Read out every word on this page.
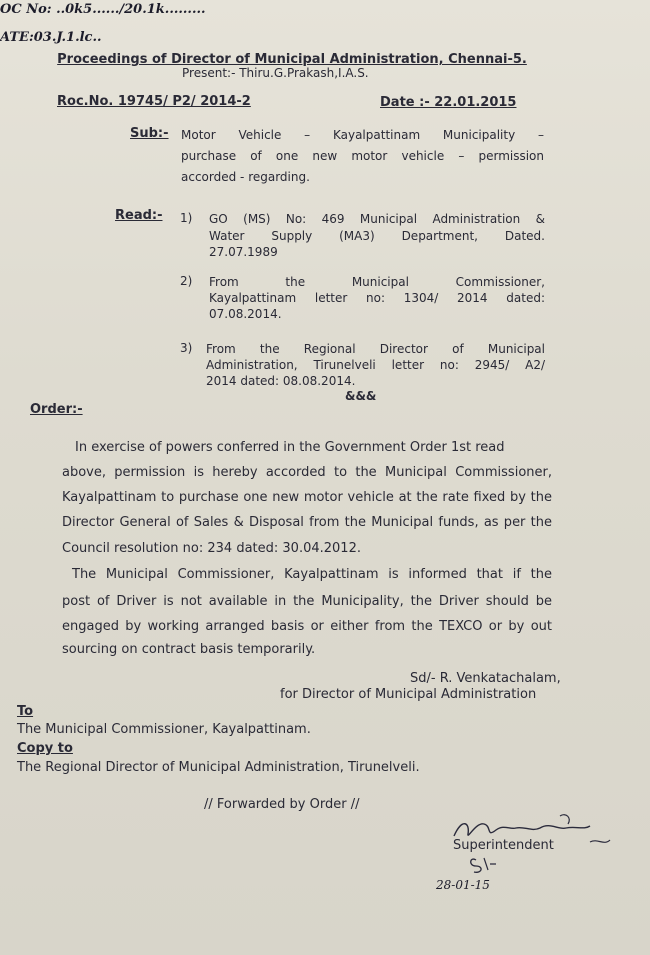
OC No: ..0k5....../20.1k.........
ATE:03.J.1.lc..
Proceedings of Director of Municipal Administration, Chennai-5.
Present:- Thiru.G.Prakash,I.A.S.
Roc.No. 19745/ P2/ 2014-2	Date :- 22.01.2015
Sub:- Motor Vehicle – Kayalpattinam Municipality –
purchase of one new motor vehicle – permission
accorded - regarding.
Read:- 1) GO (MS) No: 469 Municipal Administration &
Water Supply (MA3) Department, Dated.
27.07.1989
2) From the Municipal Commissioner,
Kayalpattinam letter no: 1304/ 2014 dated:
07.08.2014.
3) From the Regional Director of Municipal
Administration, Tirunelveli letter no: 2945/ A2/
2014 dated: 08.08.2014.
&&&
Order:-
In exercise of powers conferred in the Government Order 1st read
above, permission is hereby accorded to the Municipal Commissioner,
Kayalpattinam to purchase one new motor vehicle at the rate fixed by the
Director General of Sales & Disposal from the Municipal funds, as per the
Council resolution no: 234 dated: 30.04.2012.
The Municipal Commissioner, Kayalpattinam is informed that if the
post of Driver is not available in the Municipality, the Driver should be
engaged by working arranged basis or either from the TEXCO or by out
sourcing on contract basis temporarily.
Sd/- R. Venkatachalam,
for Director of Municipal Administration
To
The Municipal Commissioner, Kayalpattinam.
Copy to
The Regional Director of Municipal Administration, Tirunelveli.
// Forwarded by Order //
Superintendent
28-01-15
